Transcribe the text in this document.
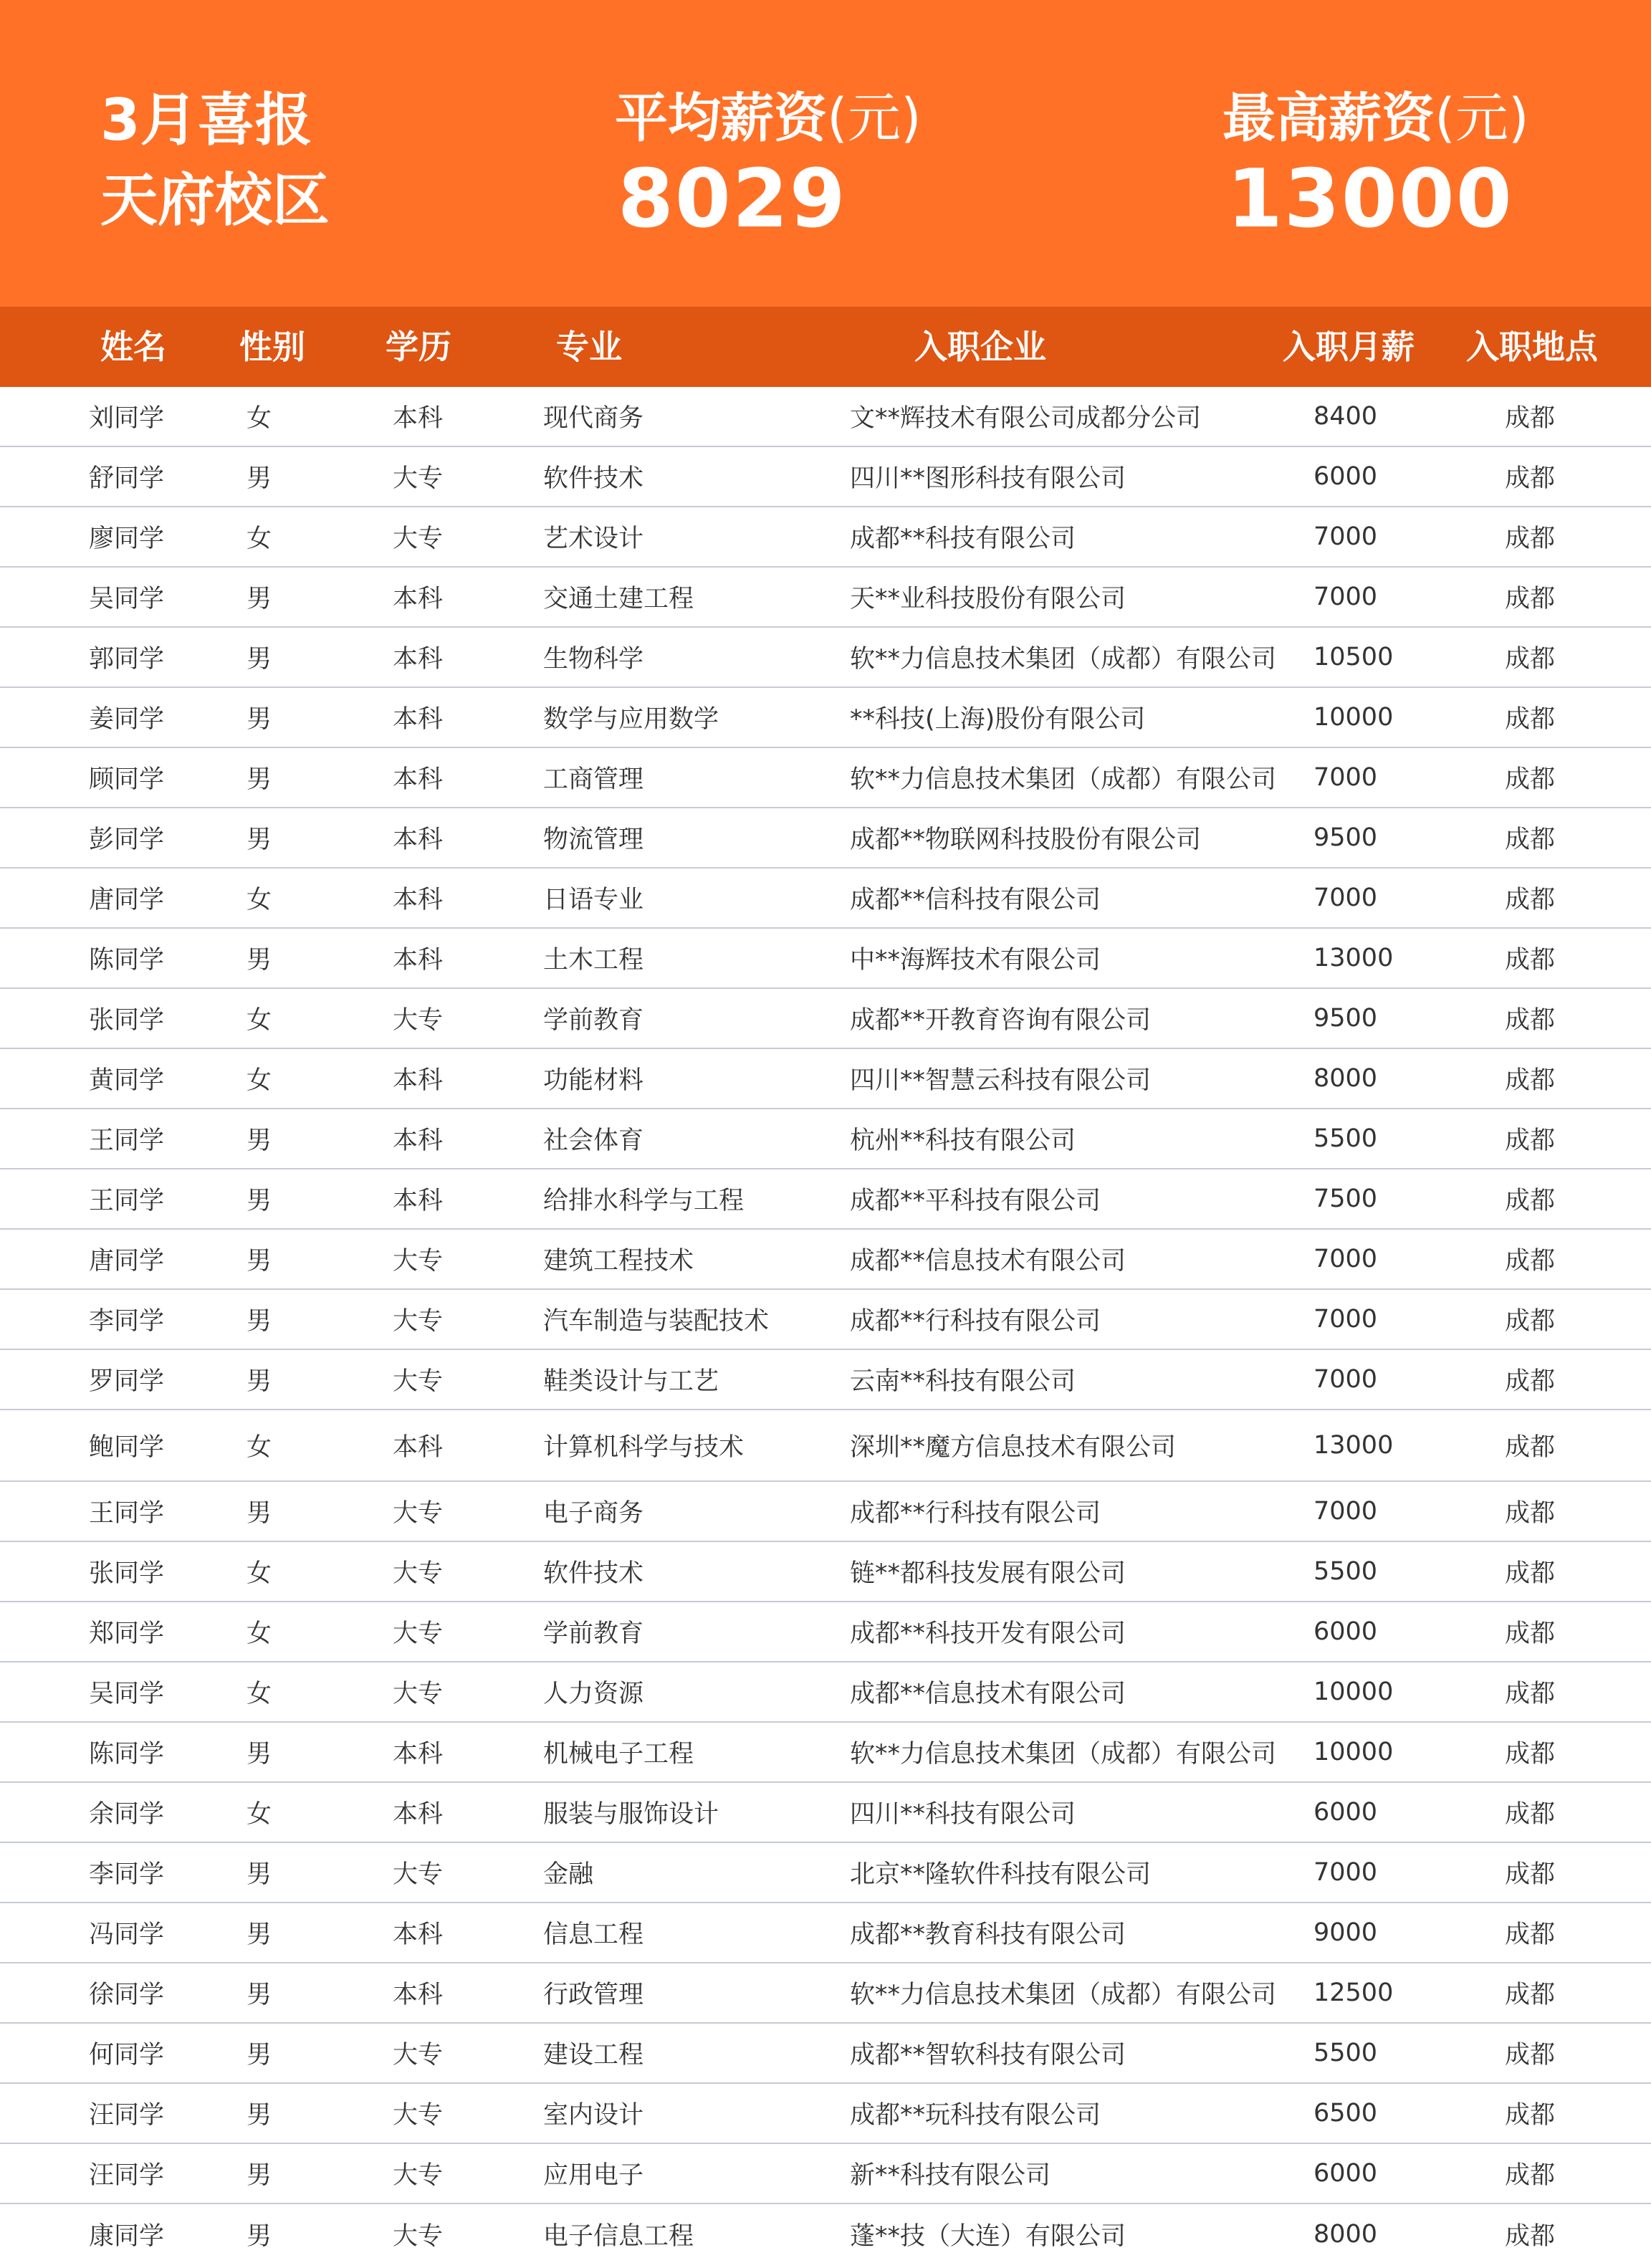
3月喜报
天府校区
平均薪资(元)
8029
最高薪资(元)
13000
姓名 性别 学历	专业	入职企业	入职月薪 入职地点
刘同学	女	本科	现代商务	文**辉技术有限公司成都分公司	8400	成都
舒同学	男	大专	软件技术	四川**图形科技有限公司	6000	成都
廖同学	女	大专	艺术设计	成都**科技有限公司	7000	成都
吴同学	男	本科	交通土建工程	天**业科技股份有限公司	7000	成都
郭同学	男	本科	生物科学	软**力信息技术集团（成都）有限公司 10500	成都
姜同学	男	本科	数学与应用数学	**科技(上海)股份有限公司	10000	成都
顾同学	男	本科	工商管理	软**力信息技术集团（成都）有限公司 7000	成都
彭同学	男	本科	物流管理	成都**物联网科技股份有限公司	9500	成都
唐同学	女	本科	日语专业	成都**信科技有限公司	7000	成都
陈同学	男	本科	土木工程	中**海辉技术有限公司	13000	成都
张同学	女	大专	学前教育	成都**开教育咨询有限公司	9500	成都
黄同学	女	本科	功能材料	四川**智慧云科技有限公司	8000	成都
王同学	男	本科	社会体育	杭州**科技有限公司	5500	成都
王同学	男	本科	给排水科学与工程	成都**平科技有限公司	7500	成都
唐同学	男	大专	建筑工程技术	成都**信息技术有限公司	7000	成都
李同学	男	大专	汽车制造与装配技术	成都**行科技有限公司	7000	成都
罗同学	男	大专	鞋类设计与工艺	云南**科技有限公司	7000	成都
鲍同学	女	本科	计算机科学与技术	深圳**魔方信息技术有限公司	13000	成都
王同学	男	大专	电子商务	成都**行科技有限公司	7000	成都
张同学	女	大专	软件技术	链**都科技发展有限公司	5500	成都
郑同学	女	大专	学前教育	成都**科技开发有限公司	6000	成都
吴同学	女	大专	人力资源	成都**信息技术有限公司	10000	成都
陈同学	男	本科	机械电子工程	软**力信息技术集团（成都）有限公司 10000	成都
余同学	女	本科	服装与服饰设计	四川**科技有限公司	6000	成都
李同学	男	大专	金融	北京**隆软件科技有限公司	7000	成都
冯同学	男	本科	信息工程	成都**教育科技有限公司	9000	成都
徐同学	男	本科	行政管理	软**力信息技术集团（成都）有限公司 12500	成都
何同学	男	大专	建设工程	成都**智软科技有限公司	5500	成都
汪同学	男	大专	室内设计	成都**玩科技有限公司	6500	成都
汪同学	男	大专	应用电子	新**科技有限公司	6000	成都
康同学	男	大专	电子信息工程	蓬**技（大连）有限公司	8000	成都
